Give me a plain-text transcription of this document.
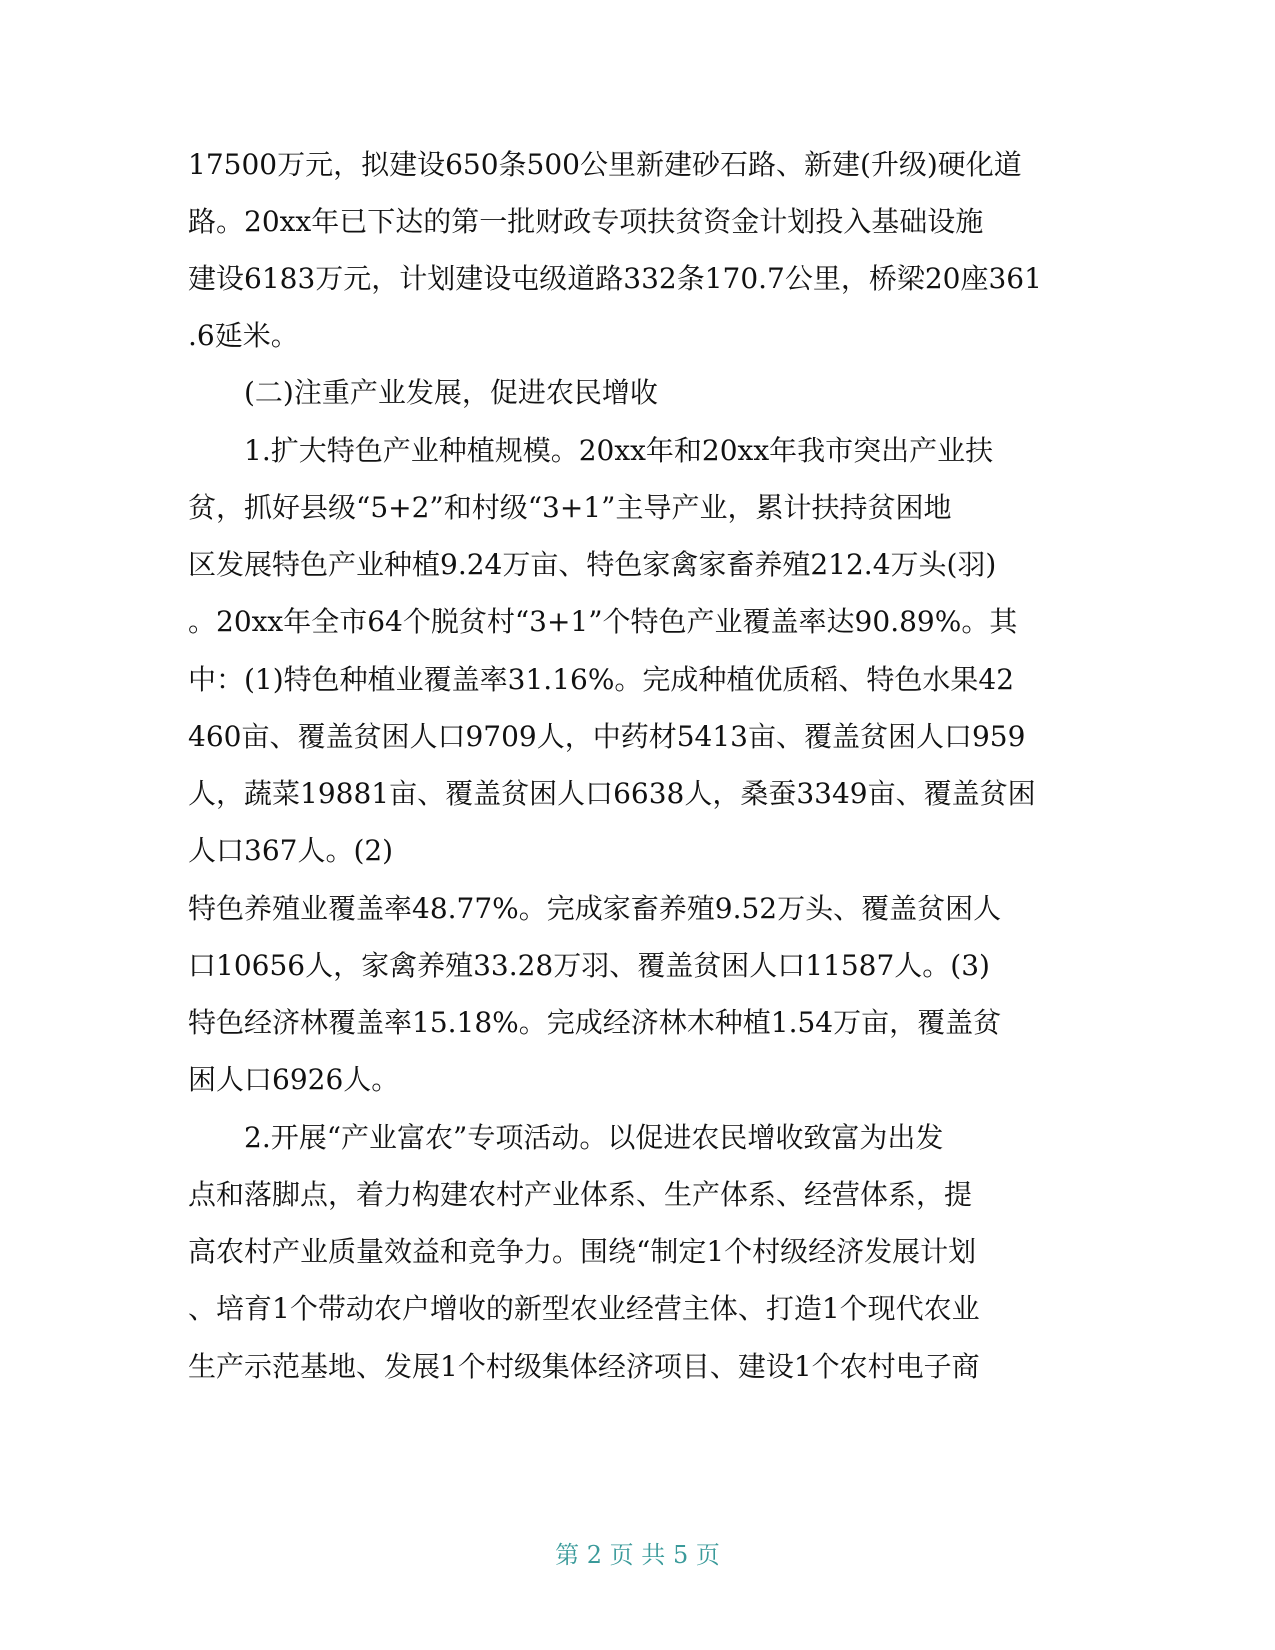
17500万元，拟建设650条500公里新建砂石路、新建(升级)硬化道
路。20xx年已下达的第一批财政专项扶贫资金计划投入基础设施
建设6183万元，计划建设屯级道路332条170.7公里，桥梁20座361
.6延米。
(二)注重产业发展，促进农民增收
1.扩大特色产业种植规模。20xx年和20xx年我市突出产业扶
贫，抓好县级“5+2”和村级“3+1”主导产业，累计扶持贫困地
区发展特色产业种植9.24万亩、特色家禽家畜养殖212.4万头(羽)
。20xx年全市64个脱贫村“3+1”个特色产业覆盖率达90.89%。其
中：(1)特色种植业覆盖率31.16%。完成种植优质稻、特色水果42
460亩、覆盖贫困人口9709人，中药材5413亩、覆盖贫困人口959
人，蔬菜19881亩、覆盖贫困人口6638人，桑蚕3349亩、覆盖贫困
人口367人。(2)
特色养殖业覆盖率48.77%。完成家畜养殖9.52万头、覆盖贫困人
口10656人，家禽养殖33.28万羽、覆盖贫困人口11587人。(3)
特色经济林覆盖率15.18%。完成经济林木种植1.54万亩，覆盖贫
困人口6926人。
2.开展“产业富农”专项活动。以促进农民增收致富为出发
点和落脚点，着力构建农村产业体系、生产体系、经营体系，提
高农村产业质量效益和竞争力。围绕“制定1个村级经济发展计划
、培育1个带动农户增收的新型农业经营主体、打造1个现代农业
生产示范基地、发展1个村级集体经济项目、建设1个农村电子商
第 2 页 共 5 页
